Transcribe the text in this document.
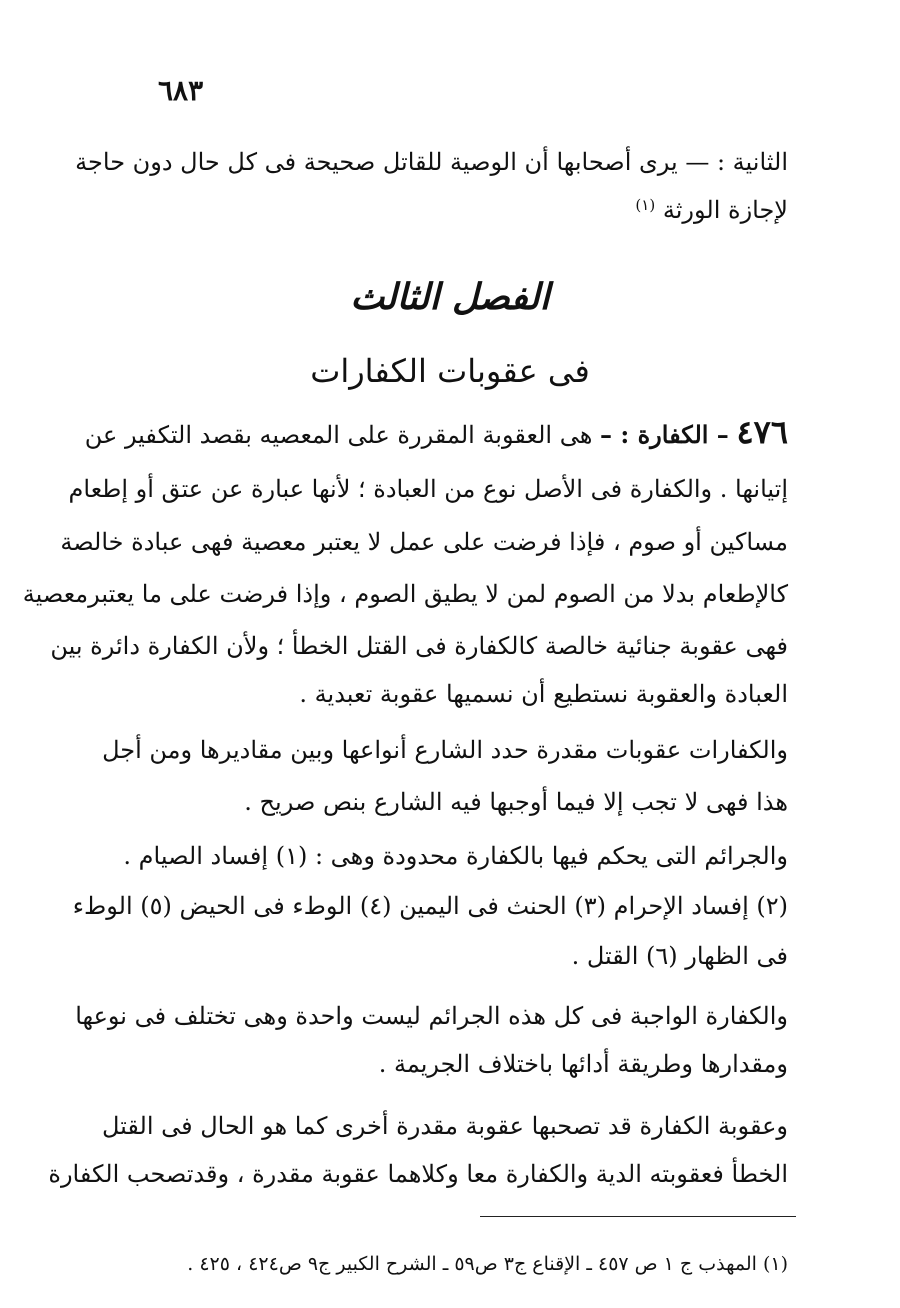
٦٨٣
الثانية : — يرى أصحابها أن الوصية للقاتل صحيحة فى كل حال دون حاجة
لإجازة الورثة $^{(١)}$
الفصل الثالث
فى عقوبات الكفارات
٤٧٦ – الكفارة : – هى العقوبة المقررة على المعصيه بقصد التكفير عن
إتيانها . والكفارة فى الأصل نوع من العبادة ؛ لأنها عبارة عن عتق أو إطعام
مساكين أو صوم ، فإذا فرضت على عمل لا يعتبر معصية فهى عبادة خالصة
كالإطعام بدلا من الصوم لمن لا يطيق الصوم ، وإذا فرضت على ما يعتبرمعصية
فهى عقوبة جنائية خالصة كالكفارة فى القتل الخطأ ؛ ولأن الكفارة دائرة بين
العبادة والعقوبة نستطيع أن نسميها عقوبة تعبدية .
والكفارات عقوبات مقدرة حدد الشارع أنواعها وبين مقاديرها ومن أجل
هذا فهى لا تجب إلا فيما أوجبها فيه الشارع بنص صريح .
والجرائم التى يحكم فيها بالكفارة محدودة وهى : (١) إفساد الصيام .
(٢) إفساد الإحرام (٣) الحنث فى اليمين (٤) الوطء فى الحيض (٥) الوطء
فى الظهار (٦) القتل .
والكفارة الواجبة فى كل هذه الجرائم ليست واحدة وهى تختلف فى نوعها
ومقدارها وطريقة أدائها باختلاف الجريمة .
وعقوبة الكفارة قد تصحبها عقوبة مقدرة أخرى كما هو الحال فى القتل
الخطأ فعقوبته الدية والكفارة معا وكلاهما عقوبة مقدرة ، وقدتصحب الكفارة
(١) المهذب ج ١ ص ٤٥٧ ـ الإقناع ج٣ ص٥٩ ـ الشرح الكبير ج٩ ص٤٢٤ ، ٤٢٥ .
